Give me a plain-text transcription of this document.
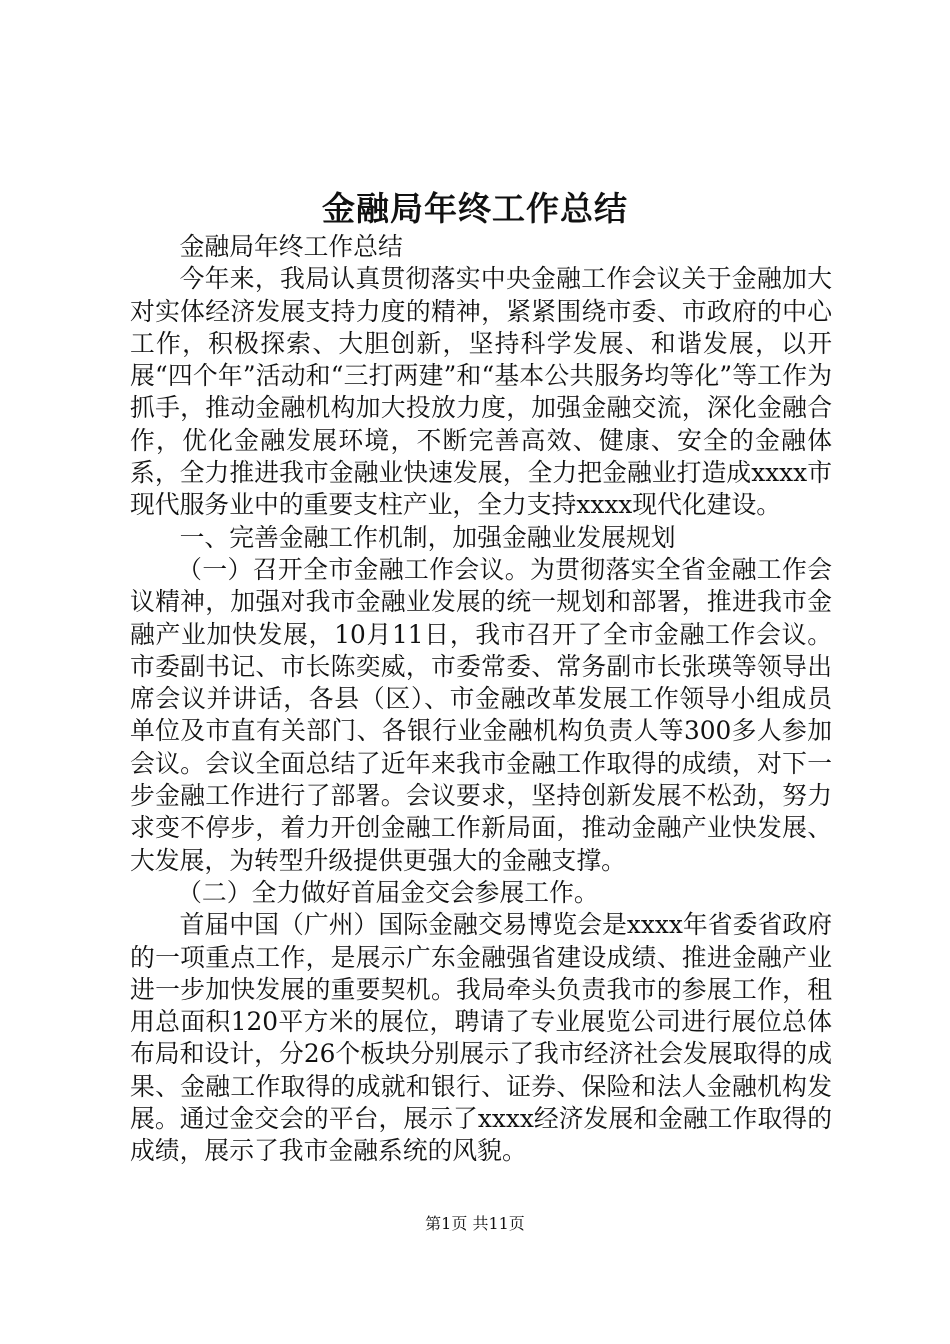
金融局年终工作总结

金融局年终工作总结

今年来，我局认真贯彻落实中央金融工作会议关于金融加大对实体经济发展支持力度的精神，紧紧围绕市委、市政府的中心工作，积极探索、大胆创新，坚持科学发展、和谐发展，以开展“四个年”活动和“三打两建”和“基本公共服务均等化”等工作为抓手，推动金融机构加大投放力度，加强金融交流，深化金融合作，优化金融发展环境，不断完善高效、健康、安全的金融体系，全力推进我市金融业快速发展，全力把金融业打造成xxxx市现代服务业中的重要支柱产业，全力支持xxxx现代化建设。

一、完善金融工作机制，加强金融业发展规划

（一）召开全市金融工作会议。为贯彻落实全省金融工作会议精神，加强对我市金融业发展的统一规划和部署，推进我市金融产业加快发展，10月11日，我市召开了全市金融工作会议。市委副书记、市长陈奕威，市委常委、常务副市长张瑛等领导出席会议并讲话，各县（区）、市金融改革发展工作领导小组成员单位及市直有关部门、各银行业金融机构负责人等300多人参加会议。会议全面总结了近年来我市金融工作取得的成绩，对下一步金融工作进行了部署。会议要求，坚持创新发展不松劲，努力求变不停步，着力开创金融工作新局面，推动金融产业快发展、大发展，为转型升级提供更强大的金融支撑。

（二）全力做好首届金交会参展工作。

首届中国（广州）国际金融交易博览会是xxxx年省委省政府的一项重点工作，是展示广东金融强省建设成绩、推进金融产业进一步加快发展的重要契机。我局牵头负责我市的参展工作，租用总面积120平方米的展位，聘请了专业展览公司进行展位总体布局和设计，分26个板块分别展示了我市经济社会发展取得的成果、金融工作取得的成就和银行、证券、保险和法人金融机构发展。通过金交会的平台，展示了xxxx经济发展和金融工作取得的成绩，展示了我市金融系统的风貌。

第1页 共11页
